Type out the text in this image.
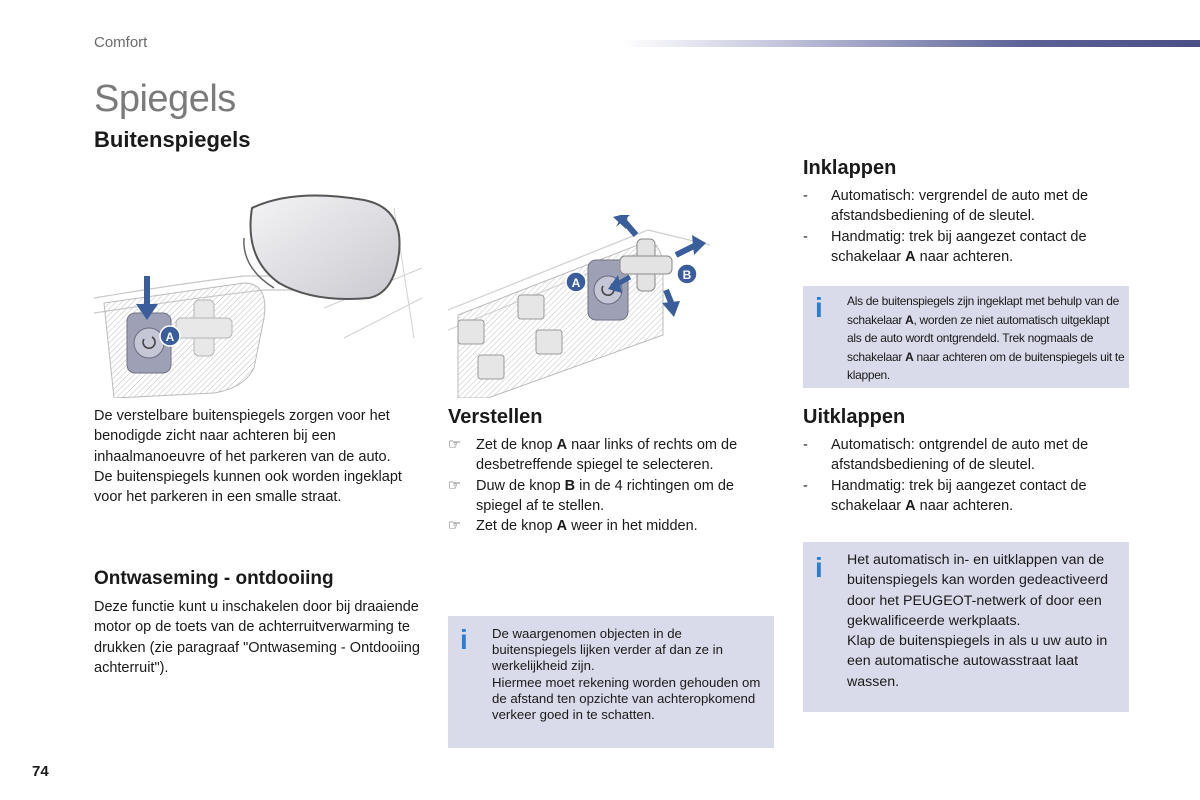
Comfort
Spiegels
Buitenspiegels
A
A
B
De verstelbare buitenspiegels zorgen voor het benodigde zicht naar achteren bij een inhaalmanoeuvre of het parkeren van de auto. De buitenspiegels kunnen ook worden ingeklapt voor het parkeren in een smalle straat.
Ontwaseming - ontdooiing
Deze functie kunt u inschakelen door bij draaiende motor op de toets van de achterruitverwarming te drukken (zie paragraaf "Ontwaseming - Ontdooiing achterruit").
Verstellen
☞	Zet de knop A naar links of rechts om de desbetreffende spiegel te selecteren.
☞	Duw de knop B in de 4 richtingen om de spiegel af te stellen.
☞	Zet de knop A weer in het midden.
i De waargenomen objecten in de buitenspiegels lijken verder af dan ze in werkelijkheid zijn.
Hiermee moet rekening worden gehouden om de afstand ten opzichte van achteropkomend verkeer goed in te schatten.
Inklappen
-	Automatisch: vergrendel de auto met de afstandsbediening of de sleutel.
-	Handmatig: trek bij aangezet contact de schakelaar A naar achteren.
i Als de buitenspiegels zijn ingeklapt met behulp van de schakelaar A, worden ze niet automatisch uitgeklapt als de auto wordt ontgrendeld. Trek nogmaals de schakelaar A naar achteren om de buitenspiegels uit te klappen.
Uitklappen
-	Automatisch: ontgrendel de auto met de afstandsbediening of de sleutel.
-	Handmatig: trek bij aangezet contact de schakelaar A naar achteren.
i Het automatisch in- en uitklappen van de buitenspiegels kan worden gedeactiveerd door het PEUGEOT-netwerk of door een gekwalificeerde werkplaats.
Klap de buitenspiegels in als u uw auto in een automatische autowasstraat laat wassen.
74
